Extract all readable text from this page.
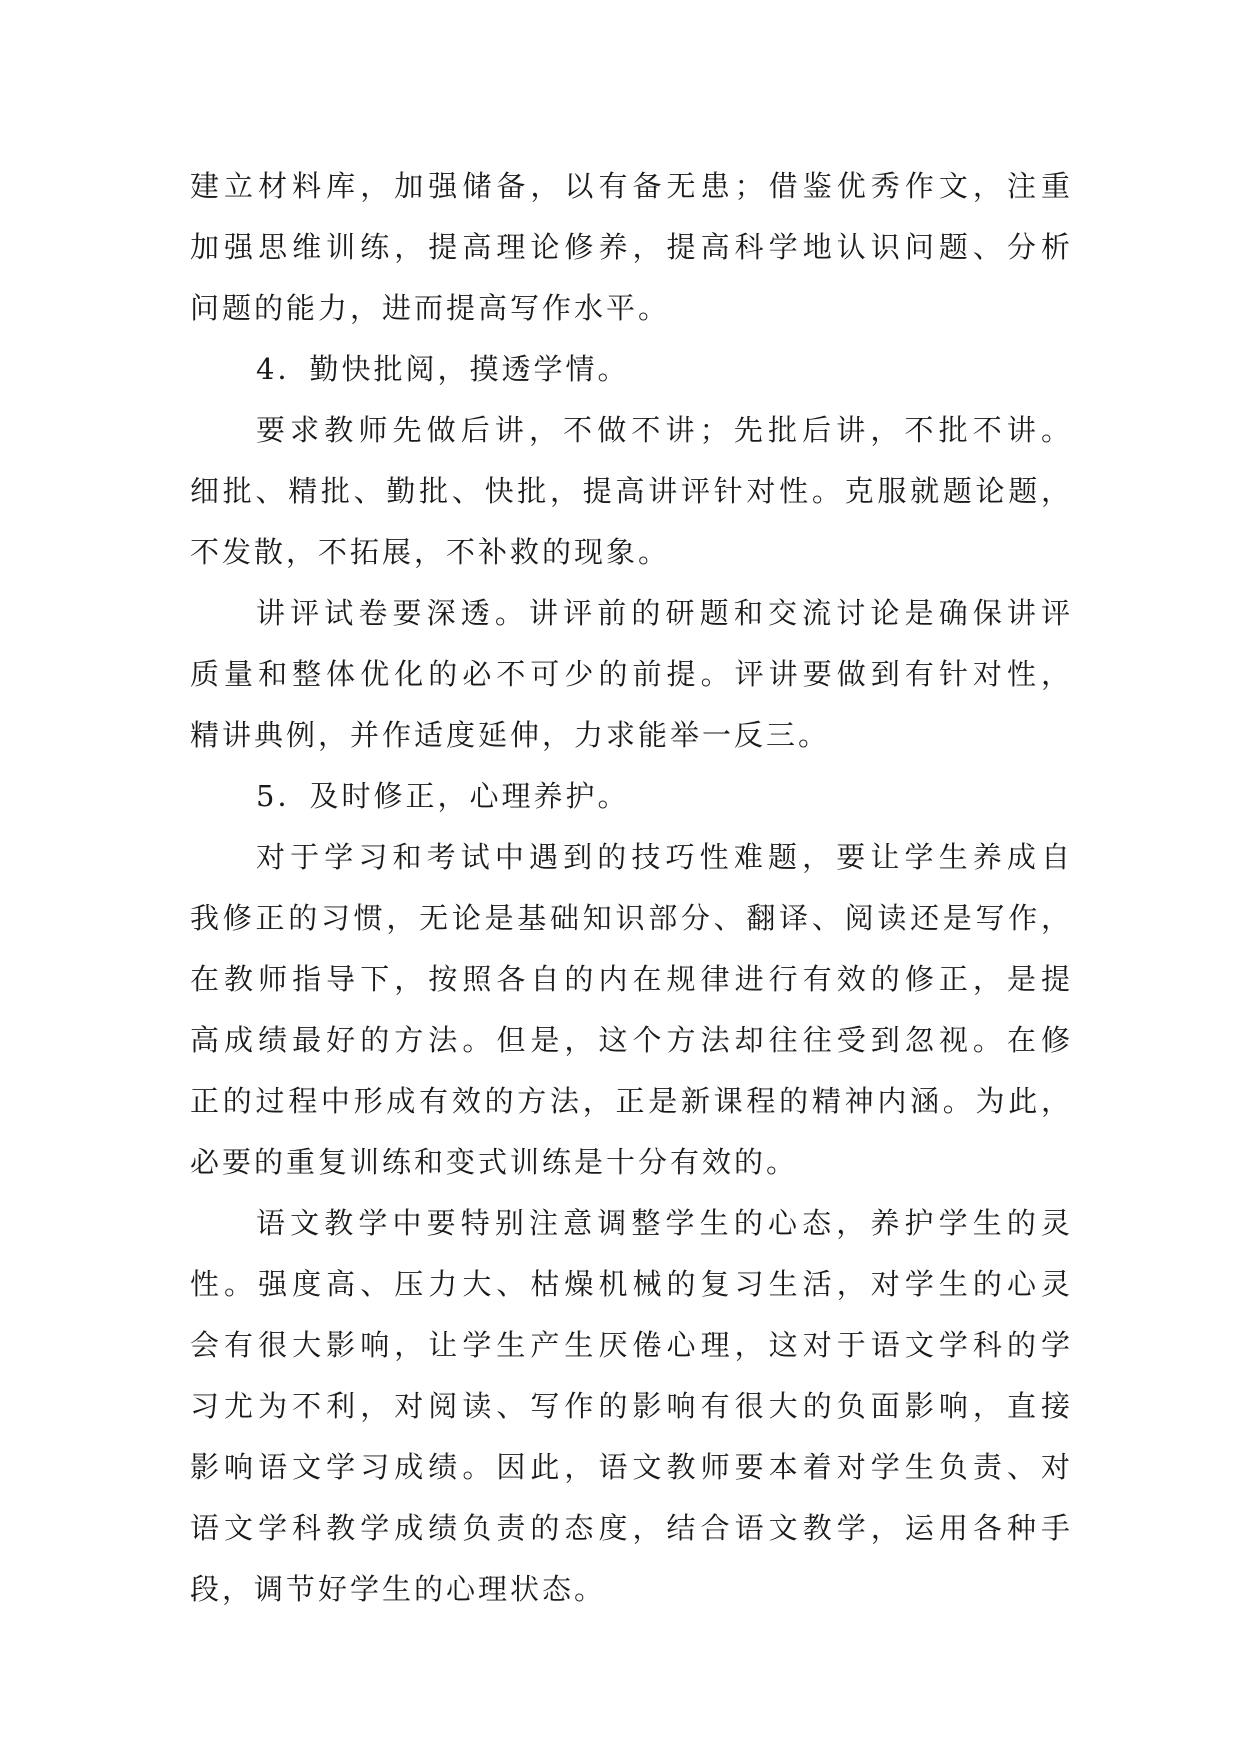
建立材料库，加强储备，以有备无患；借鉴优秀作文，注重
加强思维训练，提高理论修养，提高科学地认识问题、分析
问题的能力，进而提高写作水平。
4．勤快批阅，摸透学情。
要求教师先做后讲，不做不讲；先批后讲，不批不讲。
细批、精批、勤批、快批，提高讲评针对性。克服就题论题，
不发散，不拓展，不补救的现象。
讲评试卷要深透。讲评前的研题和交流讨论是确保讲评
质量和整体优化的必不可少的前提。评讲要做到有针对性，
精讲典例，并作适度延伸，力求能举一反三。
5．及时修正，心理养护。
对于学习和考试中遇到的技巧性难题，要让学生养成自
我修正的习惯，无论是基础知识部分、翻译、阅读还是写作，
在教师指导下，按照各自的内在规律进行有效的修正，是提
高成绩最好的方法。但是，这个方法却往往受到忽视。在修
正的过程中形成有效的方法，正是新课程的精神内涵。为此，
必要的重复训练和变式训练是十分有效的。
语文教学中要特别注意调整学生的心态，养护学生的灵
性。强度高、压力大、枯燥机械的复习生活，对学生的心灵
会有很大影响，让学生产生厌倦心理，这对于语文学科的学
习尤为不利，对阅读、写作的影响有很大的负面影响，直接
影响语文学习成绩。因此，语文教师要本着对学生负责、对
语文学科教学成绩负责的态度，结合语文教学，运用各种手
段，调节好学生的心理状态。
